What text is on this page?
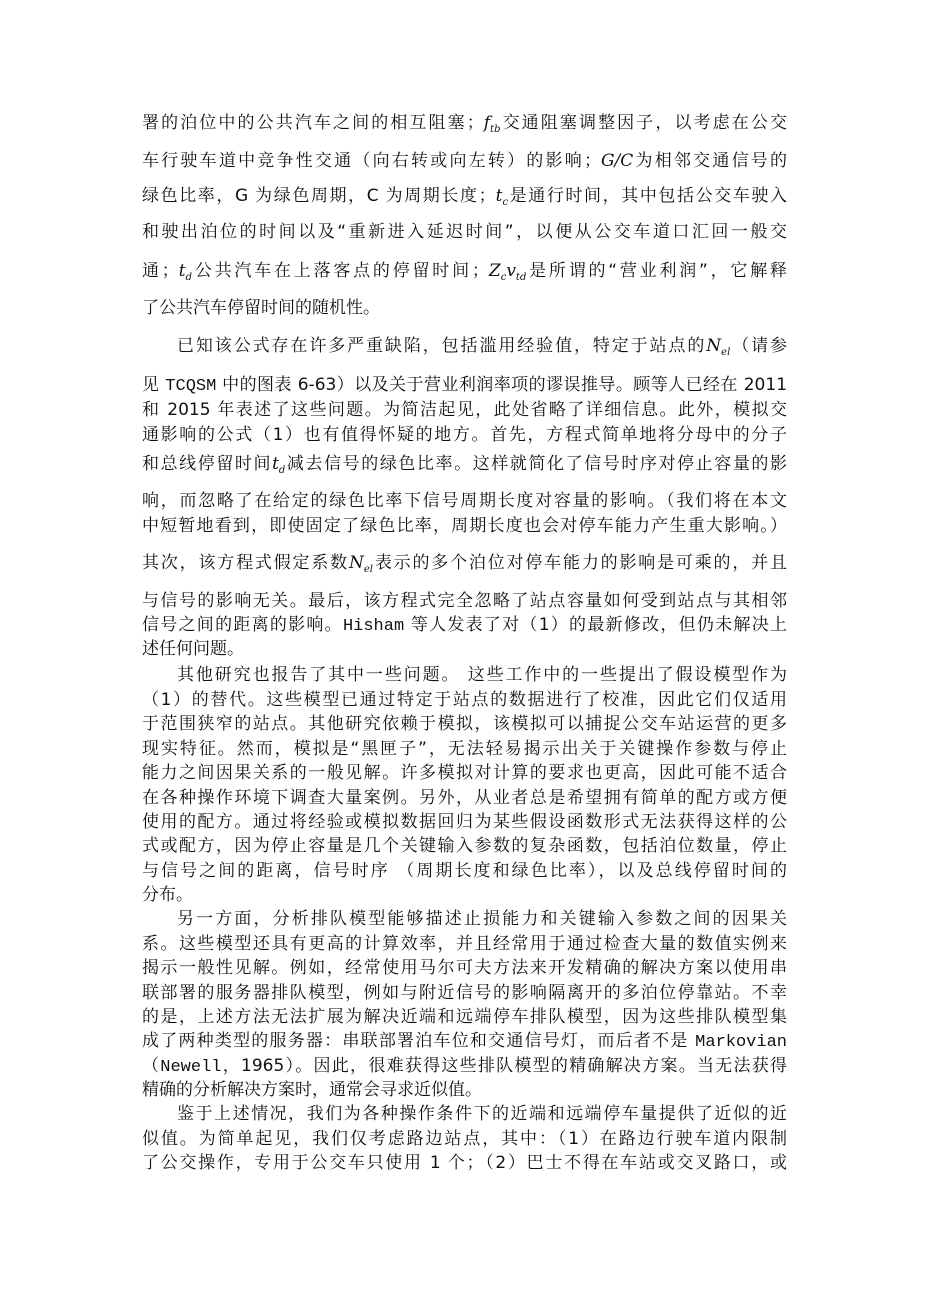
署的泊位中的公共汽车之间的相互阻塞；$f_{tb}$交通阻塞调整因子，以考虑在公交
车行驶车道中竞争性交通（向右转或向左转）的影响；G/C为相邻交通信号的
绿色比率，G 为绿色周期，C 为周期长度；$t_c$是通行时间，其中包括公交车驶入
和驶出泊位的时间以及“重新进入延迟时间”，以便从公交车道口汇回一般交
通；$t_d$公共汽车在上落客点的停留时间；$Z_cv_{td}$是所谓的“营业利润”，它解释
了公共汽车停留时间的随机性。
已知该公式存在许多严重缺陷，包括滥用经验值，特定于站点的$N_{el}$（请参
见 TCQSM 中的图表 6-63）以及关于营业利润率项的谬误推导。顾等人已经在 2011
和 2015 年表述了这些问题。为简洁起见，此处省略了详细信息。此外，模拟交
通影响的公式（1）也有值得怀疑的地方。首先，方程式简单地将分母中的分子
和总线停留时间$t_d$减去信号的绿色比率。这样就简化了信号时序对停止容量的影
响，而忽略了在给定的绿色比率下信号周期长度对容量的影响。（我们将在本文
中短暂地看到，即使固定了绿色比率，周期长度也会对停车能力产生重大影响。）
其次，该方程式假定系数$N_{el}$表示的多个泊位对停车能力的影响是可乘的，并且
与信号的影响无关。最后，该方程式完全忽略了站点容量如何受到站点与其相邻
信号之间的距离的影响。Hisham 等人发表了对（1）的最新修改，但仍未解决上
述任何问题。
其他研究也报告了其中一些问题。 这些工作中的一些提出了假设模型作为
（1）的替代。这些模型已通过特定于站点的数据进行了校准，因此它们仅适用
于范围狭窄的站点。其他研究依赖于模拟，该模拟可以捕捉公交车站运营的更多
现实特征。然而，模拟是“黑匣子”，无法轻易揭示出关于关键操作参数与停止
能力之间因果关系的一般见解。许多模拟对计算的要求也更高，因此可能不适合
在各种操作环境下调查大量案例。另外，从业者总是希望拥有简单的配方或方便
使用的配方。通过将经验或模拟数据回归为某些假设函数形式无法获得这样的公
式或配方，因为停止容量是几个关键输入参数的复杂函数，包括泊位数量，停止
与信号之间的距离，信号时序 （周期长度和绿色比率），以及总线停留时间的
分布。
另一方面，分析排队模型能够描述止损能力和关键输入参数之间的因果关
系。这些模型还具有更高的计算效率，并且经常用于通过检查大量的数值实例来
揭示一般性见解。例如，经常使用马尔可夫方法来开发精确的解决方案以使用串
联部署的服务器排队模型，例如与附近信号的影响隔离开的多泊位停靠站。不幸
的是，上述方法无法扩展为解决近端和远端停车排队模型，因为这些排队模型集
成了两种类型的服务器：串联部署泊车位和交通信号灯，而后者不是 Markovian
（Newell，1965）。因此，很难获得这些排队模型的精确解决方案。当无法获得
精确的分析解决方案时，通常会寻求近似值。
鉴于上述情况，我们为各种操作条件下的近端和远端停车量提供了近似的近
似值。为简单起见，我们仅考虑路边站点，其中：（1）在路边行驶车道内限制
了公交操作，专用于公交车只使用 1 个；（2）巴士不得在车站或交叉路口，或
